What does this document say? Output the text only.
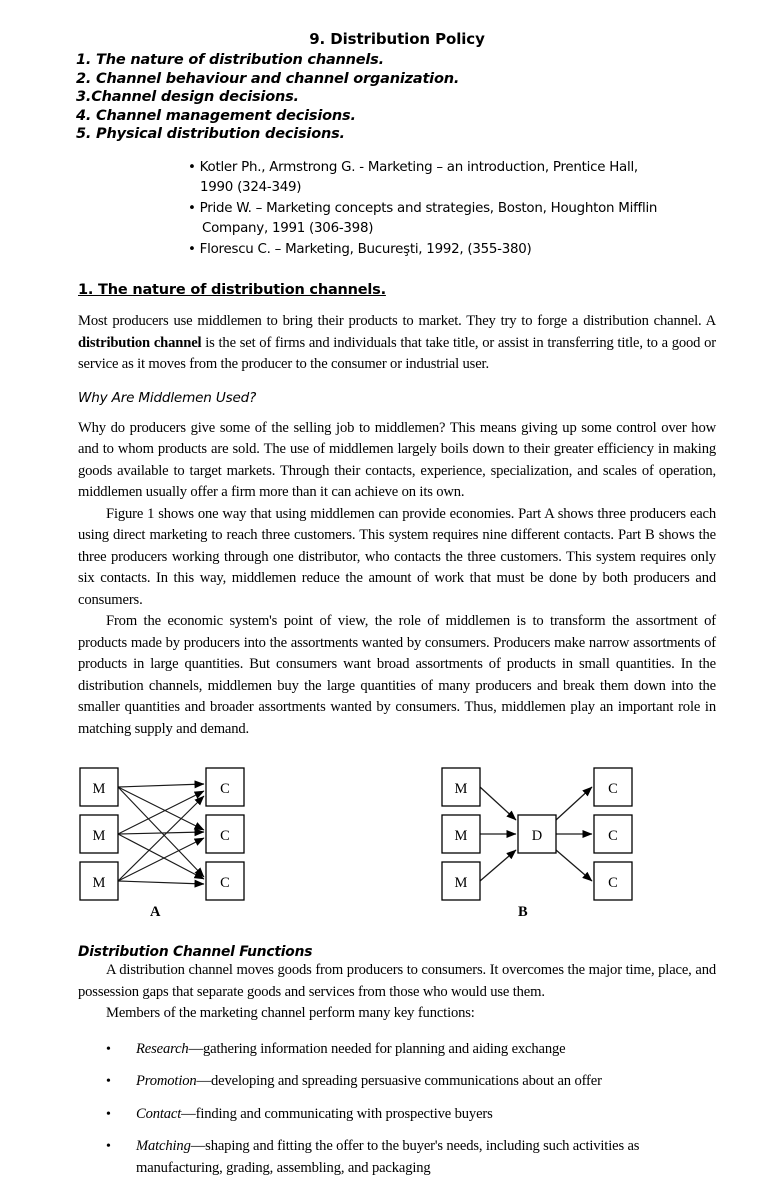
9. Distribution Policy
1. The nature of distribution channels.
2. Channel behaviour and channel organization.
3.Channel design decisions.
4. Channel management decisions.
5. Physical distribution decisions.
• Kotler Ph., Armstrong G. - Marketing – an introduction, Prentice Hall, 1990 (324-349)
• Pride W. – Marketing concepts and strategies, Boston, Houghton Mifflin Company, 1991 (306-398)
• Florescu C. – Marketing, Bucureşti, 1992, (355-380)
1. The nature of distribution channels.

Most producers use middlemen to bring their products to market. They try to forge a distribution channel. A distribution channel is the set of firms and individuals that take title, or assist in transferring title, to a good or service as it moves from the producer to the consumer or industrial user.

Why Are Middlemen Used?

Why do producers give some of the selling job to middlemen? This means giving up some control over how and to whom products are sold. The use of middlemen largely boils down to their greater efficiency in making goods available to target markets. Through their contacts, experience, specialization, and scales of operation, middlemen usually offer a firm more than it can achieve on its own.

Figure 1 shows one way that using middlemen can provide economies. Part A shows three producers each using direct marketing to reach three customers. This system requires nine different contacts. Part B shows the three producers working through one distributor, who contacts the three customers. This system requires only six contacts. In this way, middlemen reduce the amount of work that must be done by both producers and consumers.

From the economic system's point of view, the role of middlemen is to transform the assortment of products made by producers into the assortments wanted by consumers. Producers make narrow assortments of products in large quantities. But consumers want broad assortments of products in small quantities. In the distribution channels, middlemen buy the large quantities of many producers and break them down into the smaller quantities and broader assortments wanted by consumers. Thus, middlemen play an important role in matching supply and demand.

M
M
M
C
C
C
M
M
M
D
C
C
C
A	B
Distribution Channel Functions

A distribution channel moves goods from producers to consumers. It overcomes the major time, place, and possession gaps that separate goods and services from those who would use them.

Members of the marketing channel perform many key functions:

• Research—gathering information needed for planning and aiding exchange
• Promotion—developing and spreading persuasive communications about an offer
• Contact—finding and communicating with prospective buyers
• Matching—shaping and fitting the offer to the buyer's needs, including such activities as manufacturing, grading, assembling, and packaging
